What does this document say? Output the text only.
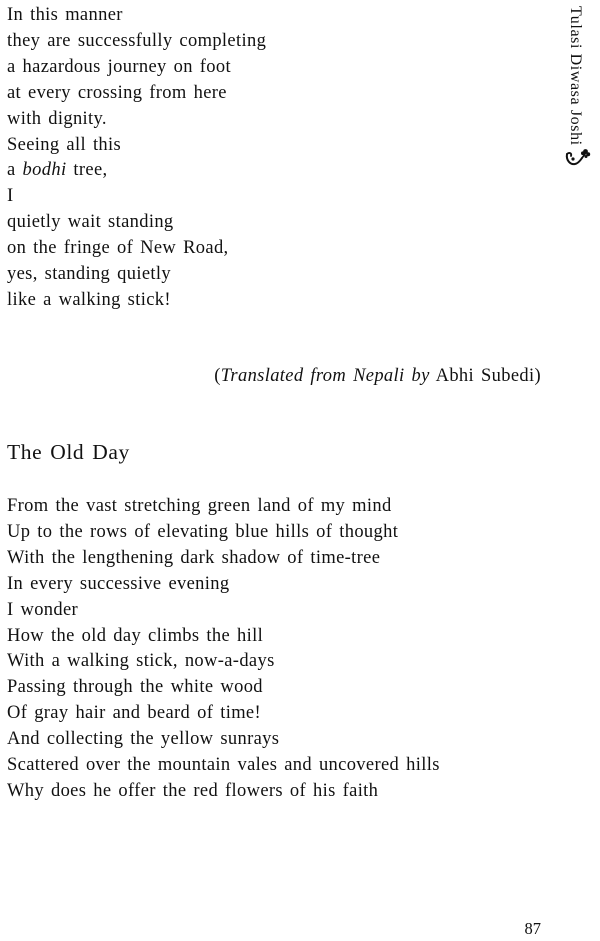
In this manner
they are successfully completing
a hazardous journey on foot
at every crossing from here
with dignity.
Seeing all this
a bodhi tree,
I
quietly wait standing
on the fringe of New Road,
yes, standing quietly
like a walking stick!
(Translated from Nepali by Abhi Subedi)
The Old Day
From the vast stretching green land of my mind
Up to the rows of elevating blue hills of thought
With the lengthening dark shadow of time-tree
In every successive evening
I wonder
How the old day climbs the hill
With a walking stick, now-a-days
Passing through the white wood
Of gray hair and beard of time!
And collecting the yellow sunrays
Scattered over the mountain vales and uncovered hills
Why does he offer the red flowers of his faith
Tulasi Diwasa Joshi
87
